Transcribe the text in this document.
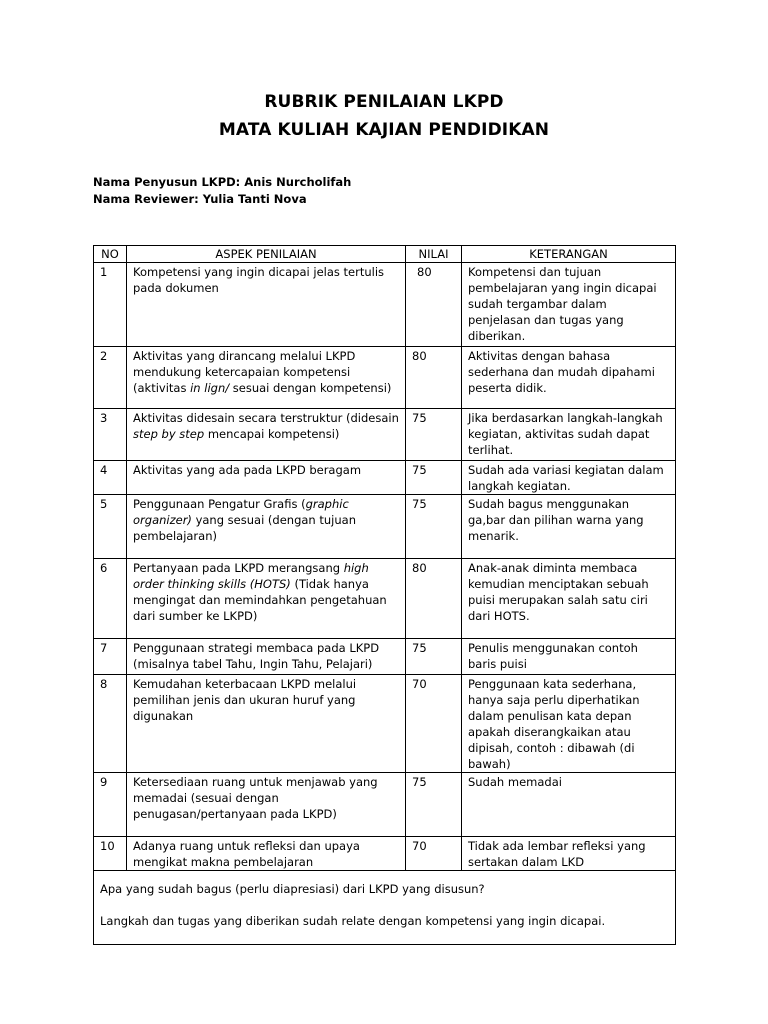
RUBRIK PENILAIAN LKPD
MATA KULIAH KAJIAN PENDIDIKAN
Nama Penyusun LKPD: Anis Nurcholifah
Nama Reviewer: Yulia Tanti Nova
NO	ASPEK PENILAIAN	NILAI	KETERANGAN
1	Kompetensi yang ingin dicapai jelas tertulis pada dokumen	80	Kompetensi dan tujuan pembelajaran yang ingin dicapai sudah tergambar dalam penjelasan dan tugas yang diberikan.
2	Aktivitas yang dirancang melalui LKPD mendukung ketercapaian kompetensi (aktivitas in lign/ sesuai dengan kompetensi)	80	Aktivitas dengan bahasa sederhana dan mudah dipahami peserta didik.
3	Aktivitas didesain secara terstruktur (didesain step by step mencapai kompetensi)	75	Jika berdasarkan langkah-langkah kegiatan, aktivitas sudah dapat terlihat.
4	Aktivitas yang ada pada LKPD beragam	75	Sudah ada variasi kegiatan dalam langkah kegiatan.
5	Penggunaan Pengatur Grafis (graphic organizer) yang sesuai (dengan tujuan pembelajaran)	75	Sudah bagus menggunakan ga,bar dan pilihan warna yang menarik.
6	Pertanyaan pada LKPD merangsang high order thinking skills (HOTS) (Tidak hanya mengingat dan memindahkan pengetahuan dari sumber ke LKPD)	80	Anak-anak diminta membaca kemudian menciptakan sebuah puisi merupakan salah satu ciri dari HOTS.
7	Penggunaan strategi membaca pada LKPD (misalnya tabel Tahu, Ingin Tahu, Pelajari)	75	Penulis menggunakan contoh baris puisi
8	Kemudahan keterbacaan LKPD melalui pemilihan jenis dan ukuran huruf yang digunakan	70	Penggunaan kata sederhana, hanya saja perlu diperhatikan dalam penulisan kata depan apakah diserangkaikan atau dipisah, contoh : dibawah (di bawah)
9	Ketersediaan ruang untuk menjawab yang memadai (sesuai dengan penugasan/pertanyaan pada LKPD)	75	Sudah memadai
10	Adanya ruang untuk refleksi dan upaya mengikat makna pembelajaran	70	Tidak ada lembar refleksi yang sertakan dalam LKD

Apa yang sudah bagus (perlu diapresiasi) dari LKPD yang disusun?
Langkah dan tugas yang diberikan sudah relate dengan kompetensi yang ingin dicapai.			
